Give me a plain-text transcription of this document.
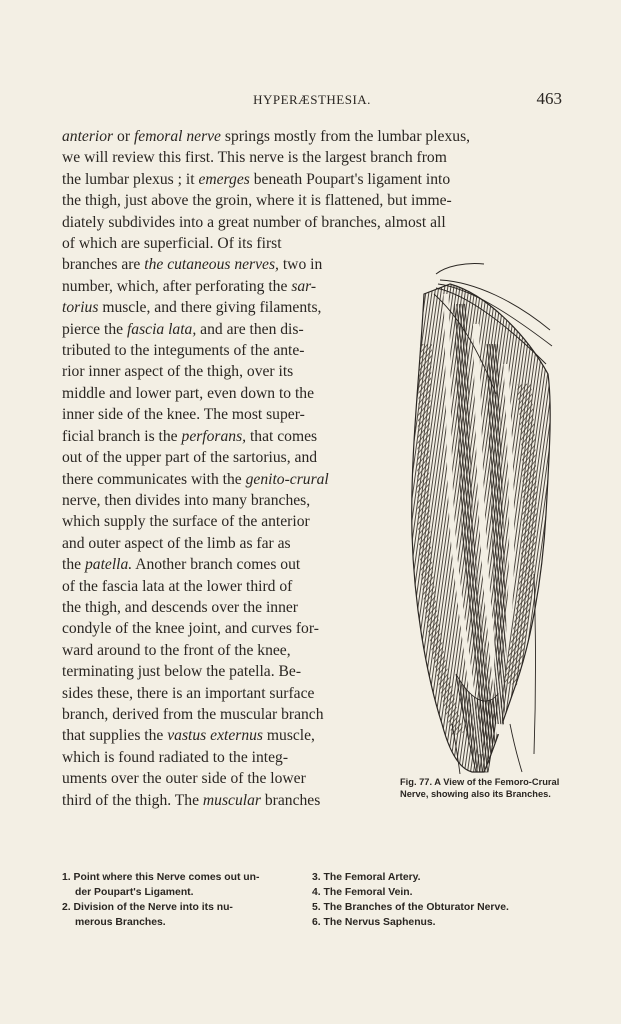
HYPERÆSTHESIA.	463
anterior or femoral nerve springs mostly from the lumbar plexus,
we will review this first. This nerve is the largest branch from
the lumbar plexus ; it emerges beneath Poupart's ligament into
the thigh, just above the groin, where it is flattened, but imme-
diately subdivides into a great number of branches, almost all
of which are superficial. Of its first
branches are the cutaneous nerves, two in
number, which, after perforating the sar-
torius muscle, and there giving filaments,
pierce the fascia lata, and are then dis-
tributed to the integuments of the ante-
rior inner aspect of the thigh, over its
middle and lower part, even down to the
inner side of the knee. The most super-
ficial branch is the perforans, that comes
out of the upper part of the sartorius, and
there communicates with the genito-crural
nerve, then divides into many branches,
which supply the surface of the anterior
and outer aspect of the limb as far as
the patella. Another branch comes out
of the fascia lata at the lower third of
the thigh, and descends over the inner
condyle of the knee joint, and curves for-
ward around to the front of the knee,
terminating just below the patella. Be-
sides these, there is an important surface
branch, derived from the muscular branch
that supplies the vastus externus muscle,
which is found radiated to the integ-
uments over the outer side of the lower
third of the thigh. The muscular branches
Fig. 77. A View of the Femoro-Crural Nerve, showing also its Branches.
1. Point where this Nerve comes out un-
der Poupart's Ligament.
2. Division of the Nerve into its nu-
merous Branches.
3. The Femoral Artery.
4. The Femoral Vein.
5. The Branches of the Obturator Nerve.
6. The Nervus Saphenus.
